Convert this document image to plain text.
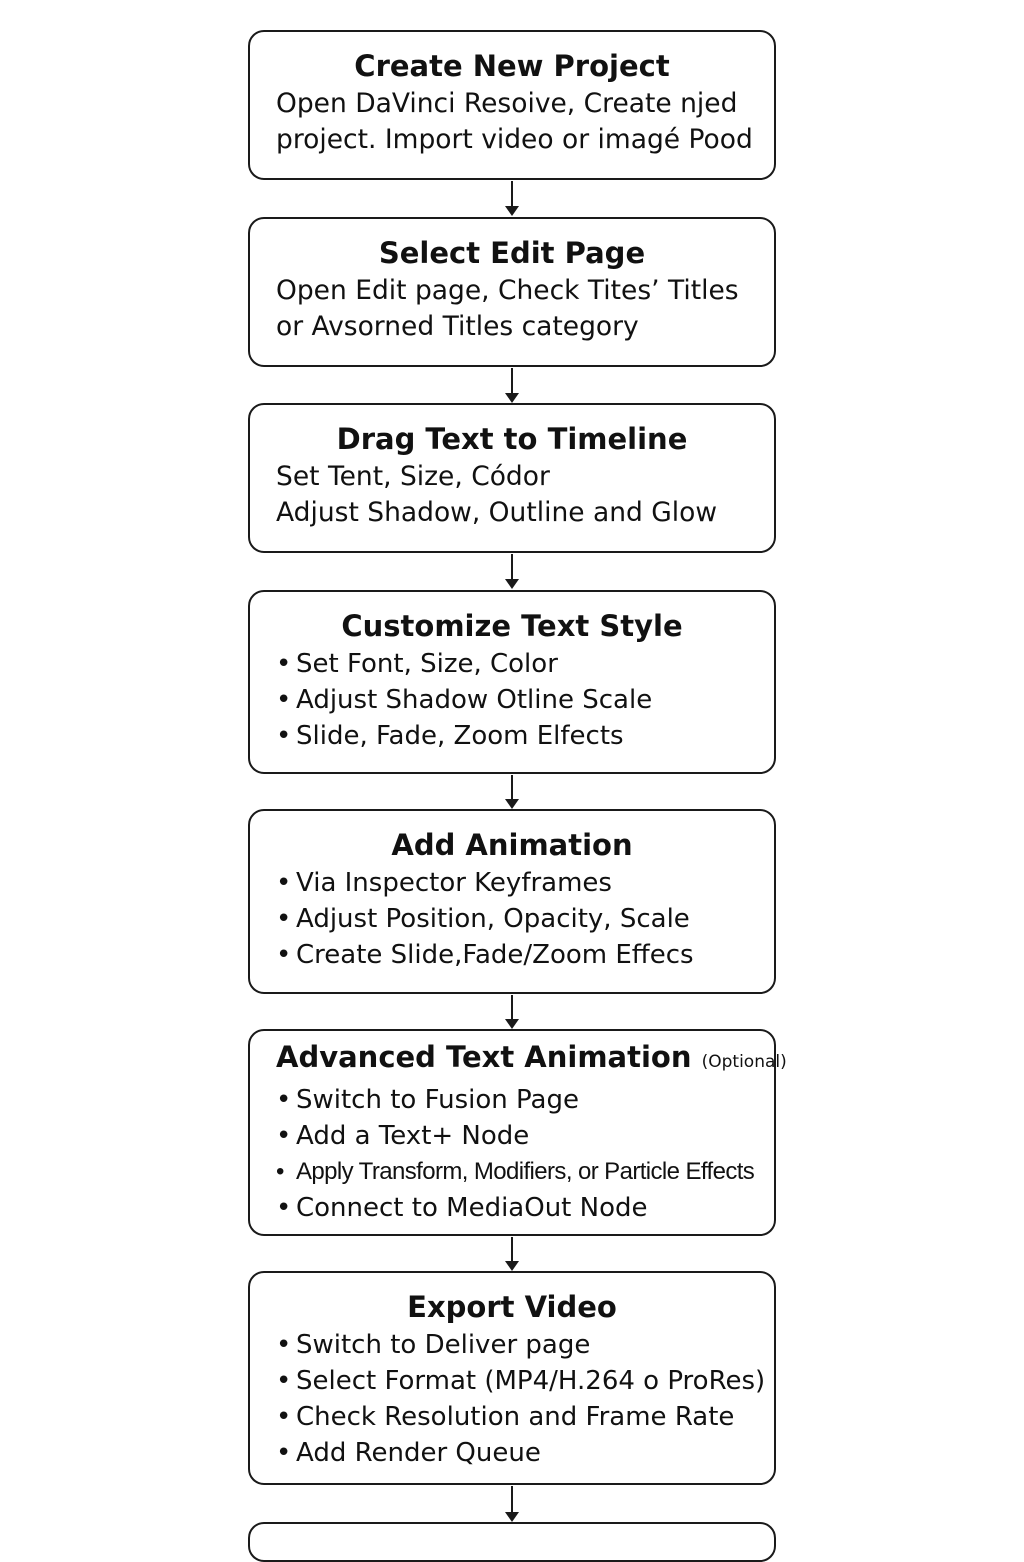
Create New Project
Open DaVinci Resoive, Create njed
project. Import video or imagé Pood
Select Edit Page
Open Edit page, Check Tites’ Titles
or Avsorned Titles category
Drag Text to Timeline
Set Tent, Size, Códor
Adjust Shadow, Outline and Glow
Customize Text Style
• Set Font, Size, Color
• Adjust Shadow Otline Scale
• Slide, Fade, Zoom Elfects
Add Animation
• Via Inspector Keyframes
• Adjust Position, Opacity, Scale
• Create Slide,Fade/Zoom Effecs
Advanced Text Animation (Optional)
• Switch to Fusion Page
• Add a Text+ Node
• Apply Transform, Modifiers, or Particle Effects
• Connect to MediaOut Node
Export Video
• Switch to Deliver page
• Select Format (MP4/H.264 o ProRes)
• Check Resolution and Frame Rate
• Add Render Queue
